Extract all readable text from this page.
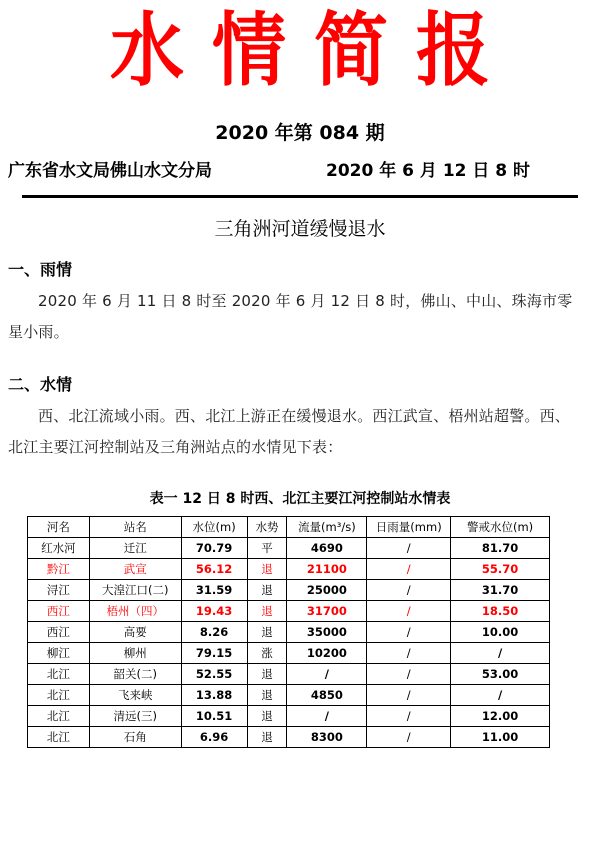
水 情 简 报
2020 年第 084 期
广东省水文局佛山水文分局	2020 年 6 月 12 日 8 时
三角洲河道缓慢退水
一、雨情
2020 年 6 月 11 日 8 时至 2020 年 6 月 12 日 8 时，佛山、中山、珠海市零星小雨。
二、水情
西、北江流域小雨。西、北江上游正在缓慢退水。西江武宣、梧州站超警。西、北江主要江河控制站及三角洲站点的水情见下表：
表一 12 日 8 时西、北江主要江河控制站水情表
河名	站名	水位(m)	水势	流量(m³/s)	日雨量(mm)	警戒水位(m)
红水河	迁江	70.79	平	4690	/	81.70
黔江	武宣	56.12	退	21100	/	55.70
浔江	大湟江口(二)	31.59	退	25000	/	31.70
西江	梧州（四）	19.43	退	31700	/	18.50
西江	高要	8.26	退	35000	/	10.00
柳江	柳州	79.15	涨	10200	/	/
北江	韶关(二)	52.55	退	/	/	53.00
北江	飞来峡	13.88	退	4850	/	/
北江	清远(三)	10.51	退	/	/	12.00
北江	石角	6.96	退	8300	/	11.00
